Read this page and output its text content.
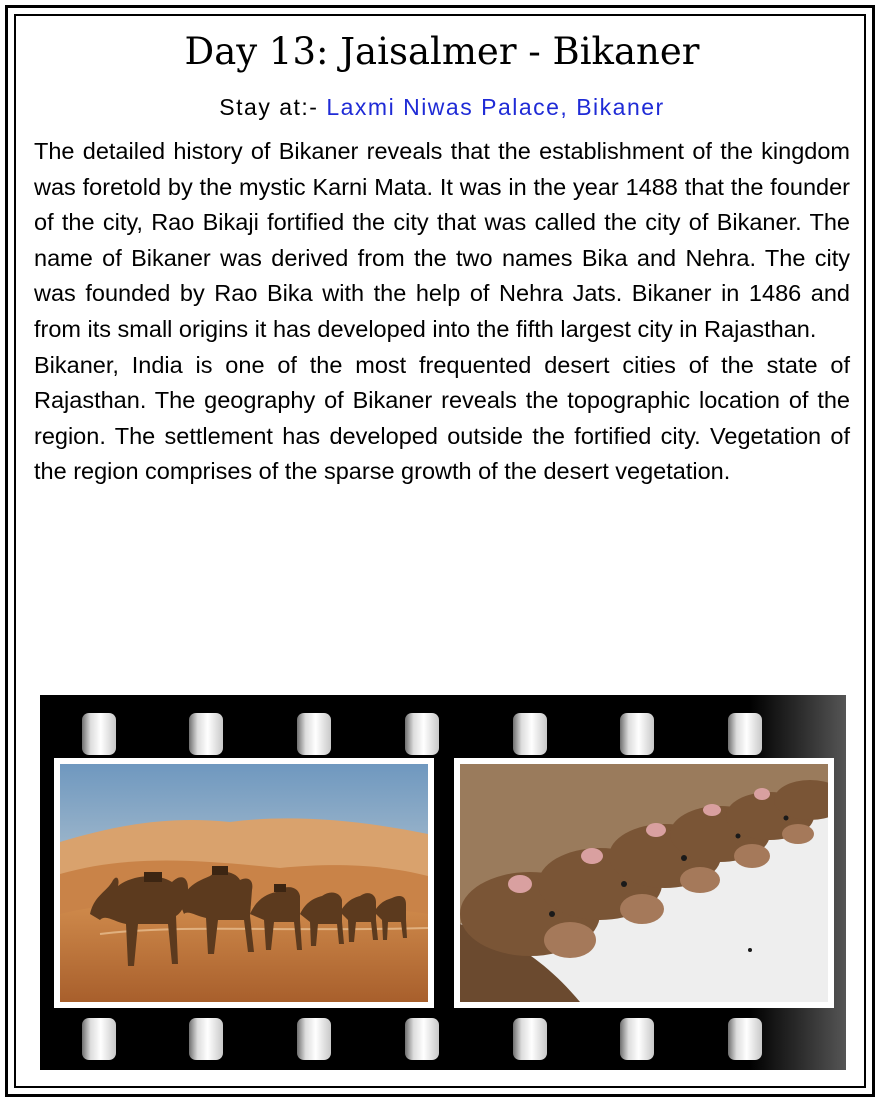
Day 13: Jaisalmer - Bikaner
Stay at:- Laxmi Niwas Palace, Bikaner

The detailed history of Bikaner reveals that the establishment of the kingdom was foretold by the mystic Karni Mata. It was in the year 1488 that the founder of the city, Rao Bikaji fortified the city that was called the city of Bikaner. The name of Bikaner was derived from the two names Bika and Nehra. The city was founded by Rao Bika with the help of Nehra Jats. Bikaner in 1486 and from its small origins it has developed into the fifth largest city in Rajasthan.

Bikaner, India is one of the most frequented desert cities of the state of Rajasthan. The geography of Bikaner reveals the topographic location of the region. The settlement has developed outside the fortified city. Vegetation of the region comprises of the sparse growth of the desert vegetation.
